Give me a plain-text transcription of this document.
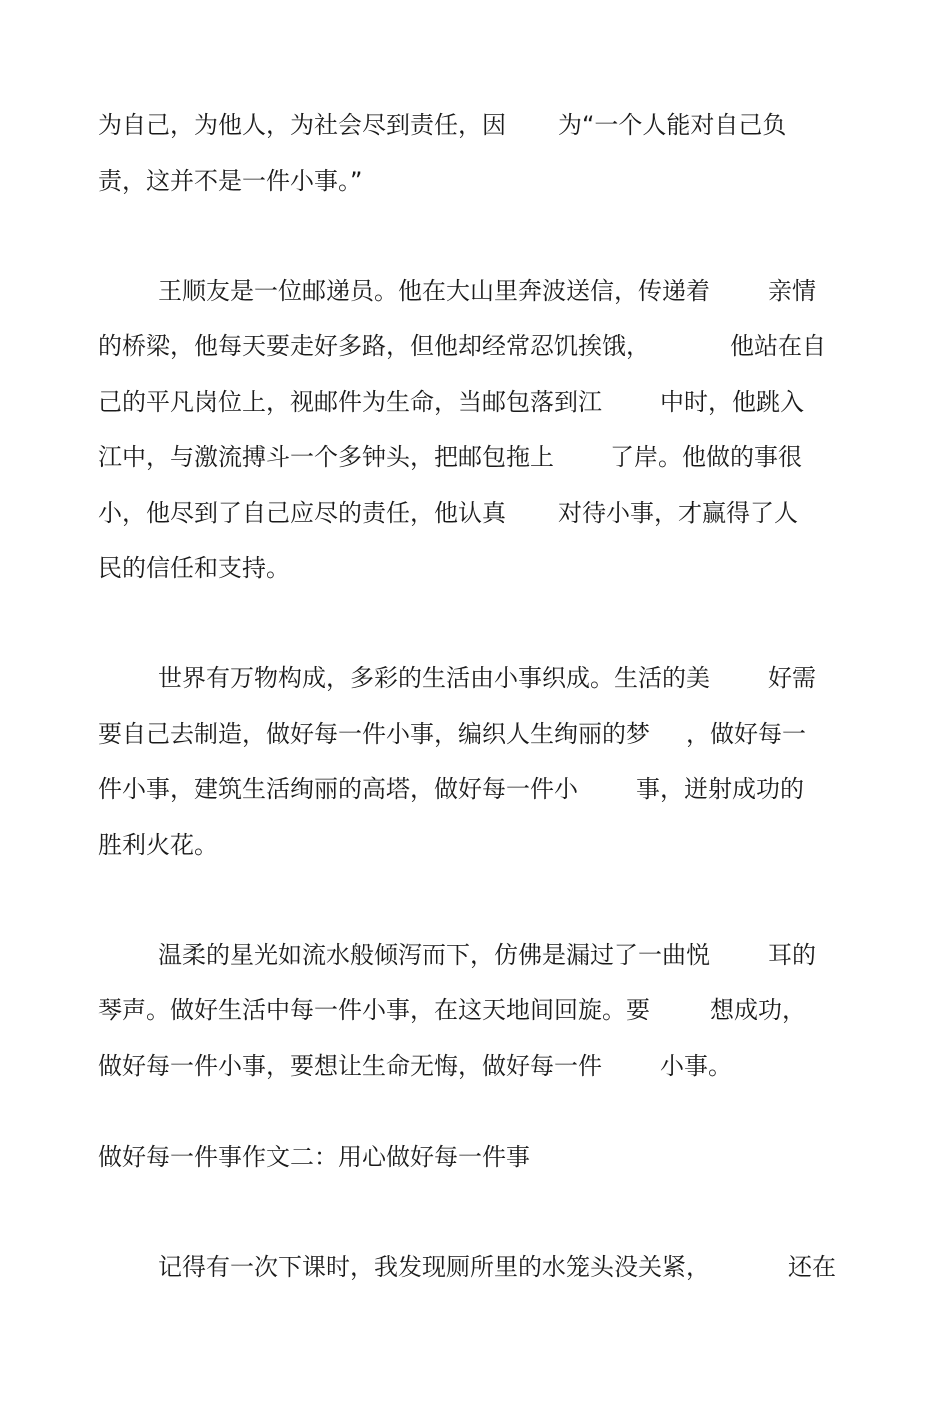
为自己，为他人，为社会尽到责任，因 为“一个人能对自己负
责，这并不是一件小事。”
王顺友是一位邮递员。他在大山里奔波送信，传递着 亲情
的桥梁，他每天要走好多路，但他却经常忍饥挨饿，	他站在自
己的平凡岗位上，视邮件为生命，当邮包落到江 中时，他跳入
江中，与激流搏斗一个多钟头，把邮包拖上 了岸。他做的事很
小，他尽到了自己应尽的责任，他认真 对待小事，才赢得了人
民的信任和支持。
世界有万物构成，多彩的生活由小事织成。生活的美 好需
要自己去制造，做好每一件小事，编织人生绚丽的梦 ，做好每一
件小事，建筑生活绚丽的高塔，做好每一件小 事，迸射成功的
胜利火花。
温柔的星光如流水般倾泻而下，仿佛是漏过了一曲悦 耳的
琴声。做好生活中每一件小事，在这天地间回旋。要	想成功，
做好每一件小事，要想让生命无悔，做好每一件 小事。
做好每一件事作文二：用心做好每一件事
记得有一次下课时，我发现厕所里的水笼头没关紧，	还在
